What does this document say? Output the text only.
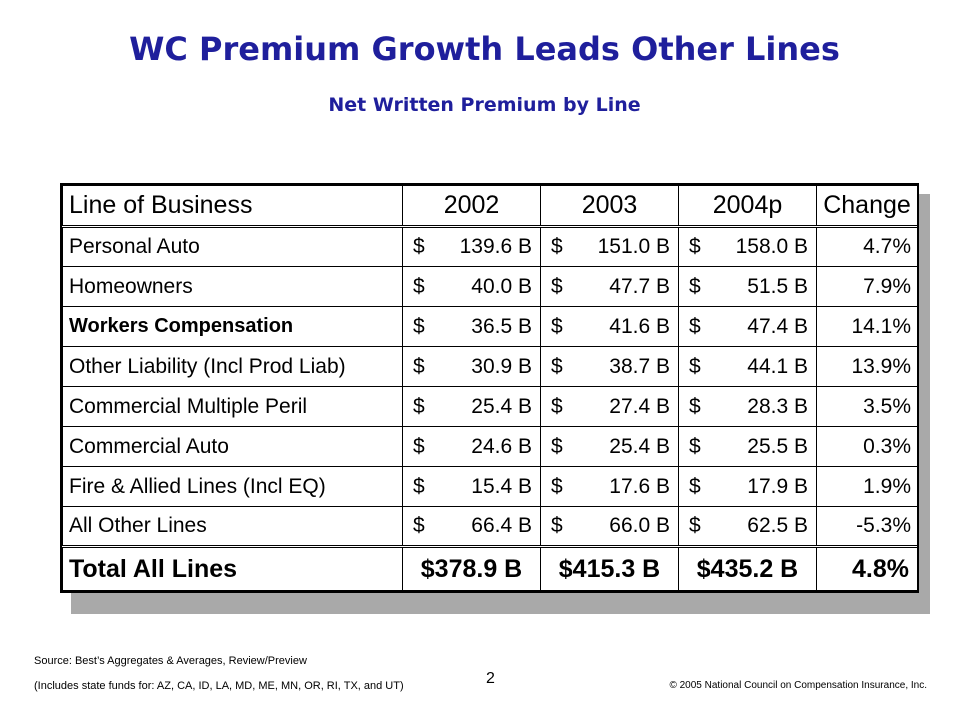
WC Premium Growth Leads Other Lines
Net Written Premium by Line
Line of Business	2002		2003		2004p		Change
Personal Auto	$	139.6 B	$	151.0 B	$	158.0 B	4.7%
Homeowners	$	40.0 B	$	47.7 B	$	51.5 B	7.9%
Workers Compensation	$	36.5 B	$	41.6 B	$	47.4 B	14.1%
Other Liability (Incl Prod Liab)	$	30.9 B	$	38.7 B	$	44.1 B	13.9%
Commercial Multiple Peril	$	25.4 B	$	27.4 B	$	28.3 B	3.5%
Commercial Auto	$	24.6 B	$	25.4 B	$	25.5 B	0.3%
Fire & Allied Lines (Incl EQ)	$	15.4 B	$	17.6 B	$	17.9 B	1.9%
All Other Lines	$	66.4 B	$	66.0 B	$	62.5 B	-5.3%
Total All Lines	$378.9 B		$415.3 B		$435.2 B		4.8%
Source: Best’s Aggregates & Averages, Review/Preview
(Includes state funds for: AZ, CA, ID, LA, MD, ME, MN, OR, RI, TX, and UT)	2	© 2005 National Council on Compensation Insurance, Inc.
